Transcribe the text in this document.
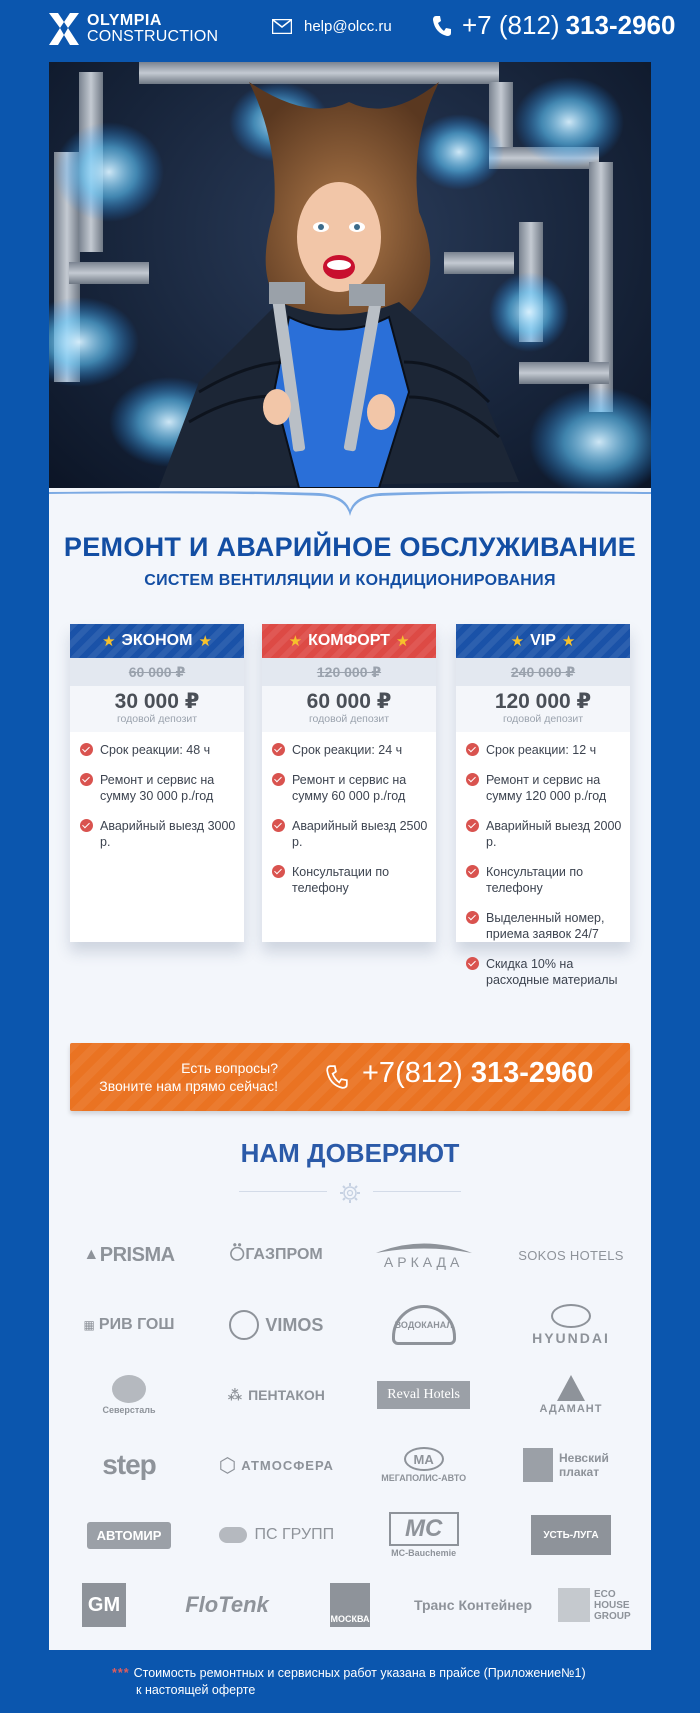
OLYMPIA
CONSTRUCTION
help@olcc.ru	+7 (812) 313-2960
РЕМОНТ И АВАРИЙНОЕ ОБСЛУЖИВАНИЕ
СИСТЕМ ВЕНТИЛЯЦИИ И КОНДИЦИОНИРОВАНИЯ
★ ЭКОНОМ ★
60 000 ₽
30 000 ₽
годовой депозит
Срок реакции: 48 ч
Ремонт и сервис на сумму 30 000 р./год
Аварийный выезд 3000 р.
★ КОМФОРТ ★
120 000 ₽
60 000 ₽
годовой депозит
Срок реакции: 24 ч
Ремонт и сервис на сумму 60 000 р./год
Аварийный выезд 2500 р.
Консультации по телефону
★ VIP ★
240 000 ₽
120 000 ₽
годовой депозит
Срок реакции: 12 ч
Ремонт и сервис на сумму 120 000 р./год
Аварийный выезд 2000 р.
Консультации по телефону
Выделенный номер, приема заявок 24/7
Скидка 10% на расходные материалы
Есть вопросы?
Звоните нам прямо сейчас!	+7(812) 313-2960
НАМ ДОВЕРЯЮТ
▲ PRISMA ⍥ ГАЗПРОМ	АРКАДА	SOKOS HOTELS
▦ РИВ ГОШ	VIMOS	ВОДОКАНАЛ
HYUNDAI
Северсталь
⁂ ПЕНТАКОН	Reval Hotels
АДАМАНТ
step	⬡ АТМОСФЕРА	MA
МЕГАПОЛИС-АВТО
Невский плакат
АВТОМИР	ПС ГРУПП	MC
MC-Bauchemie
УСТЬ-ЛУГА
GM	FloTenk
МОСКВА
Транс Контейнер
ECO HOUSE GROUP
*** Стоимость ремонтных и сервисных работ указана в прайсе (Приложение№1)
к настоящей оферте
